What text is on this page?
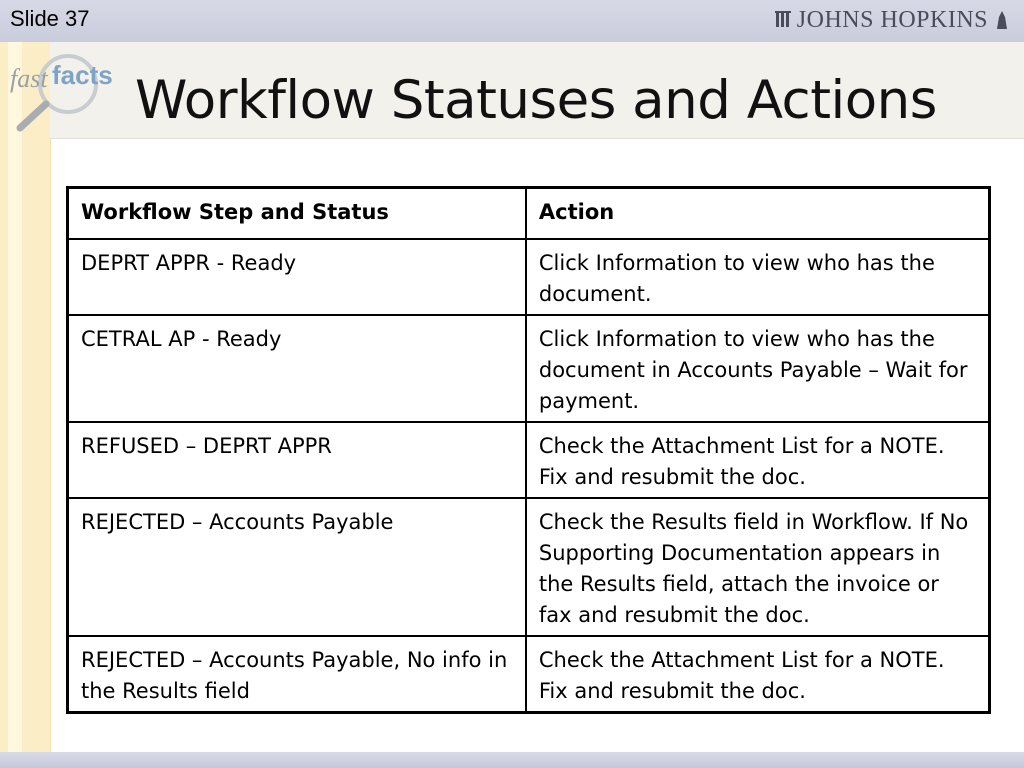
Slide 37	JOHNS HOPKINS
fast facts Workflow Statuses and Actions
Workflow Step and Status	Action
DEPRT APPR - Ready	Click Information to view who has the document.
CETRAL AP - Ready	Click Information to view who has the document in Accounts Payable – Wait for payment.
REFUSED – DEPRT APPR	Check the Attachment List for a NOTE. Fix and resubmit the doc.
REJECTED – Accounts Payable	Check the Results field in Workflow. If No Supporting Documentation appears in the Results field, attach the invoice or fax and resubmit the doc.
REJECTED – Accounts Payable, No info in the Results field	Check the Attachment List for a NOTE. Fix and resubmit the doc.
